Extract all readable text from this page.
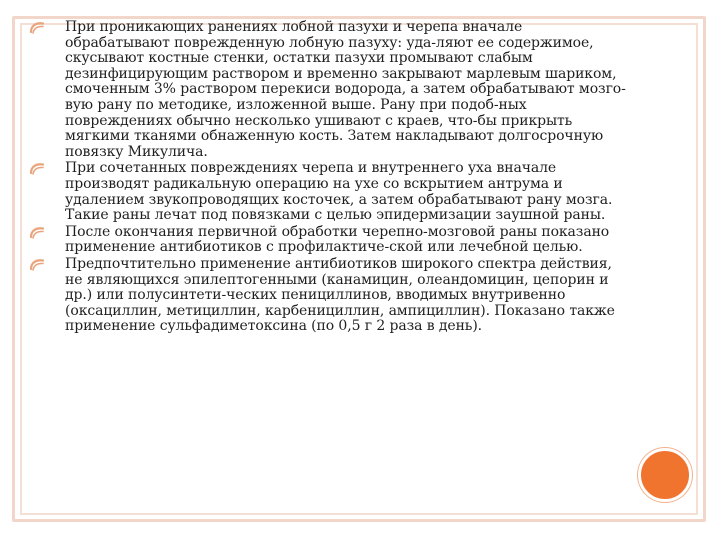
При проникающих ранениях лобной пазухи и черепа вначале обрабатывают поврежденную лобную пазуху: уда-ляют ее содержимое, скусывают костные стенки, остатки пазухи промывают слабым дезинфицирующим раствором и временно закрывают марлевым шариком, смоченным 3% раствором перекиси водорода, а затем обрабатывают мозго-вую рану по методике, изложенной выше. Рану при подоб-ных повреждениях обычно несколько ушивают с краев, что-бы прикрыть мягкими тканями обнаженную кость. Затем накладывают долгосрочную повязку Микулича.
При сочетанных повреждениях черепа и внутреннего уха вначале производят радикальную операцию на ухе со вскрытием антрума и удалением звукопроводящих косточек, а затем обрабатывают рану мозга. Такие раны лечат под повязками с целью эпидермизации заушной раны.
После окончания первичной обработки черепно-мозговой раны показано применение антибиотиков с профилактиче-ской или лечебной целью.
Предпочтительно применение антибиотиков широкого спектра действия, не являющихся эпилептогенными (канамицин, олеандомицин, цепорин и др.) или полусинтети-ческих пенициллинов, вводимых внутривенно (оксациллин, метициллин, карбенициллин, ампициллин). Показано также применение сульфадиметоксина (по 0,5 г 2 раза в день).
